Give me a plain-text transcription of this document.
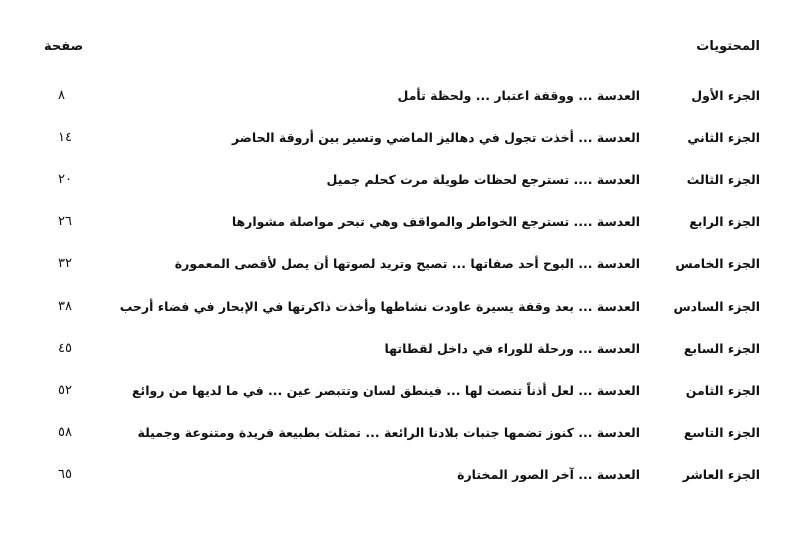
المحتويات
صفحة
الجزء الأول
العدسة ... ووقفة اعتبار ... ولحظة تأمل
٨
الجزء الثاني
العدسة ... أخذت تجول في دهاليز الماضي وتسير بين أروقة الحاضر
١٤
الجزء الثالث
العدسة .... تسترجع لحظات طويلة مرت كحلم جميل
٢٠
الجزء الرابع
العدسة .... تسترجع الخواطر والمواقف وهي تبحر مواصلة مشوارها
٢٦
الجزء الخامس
العدسة ... البوح أحد صفاتها ... تصيح وتريد لصوتها أن يصل لأقصى المعمورة
٣٢
الجزء السادس
العدسة ... بعد وقفة يسيرة عاودت نشاطها وأخذت ذاكرتها في الإبحار في فضاء أرحب
٣٨
الجزء السابع
العدسة ... ورحلة للوراء في داخل لقطاتها
٤٥
الجزء الثامن
العدسة ... لعل أذناً تنصت لها ... فينطق لسان وتتبصر عين ... في ما لديها من روائع
٥٢
الجزء التاسع
العدسة ... كنوز تضمها جنبات بلادنا الرائعة ... تمثلت بطبيعة فريدة ومتنوعة وجميلة
٥٨
الجزء العاشر
العدسة ... آخر الصور المختارة
٦٥
